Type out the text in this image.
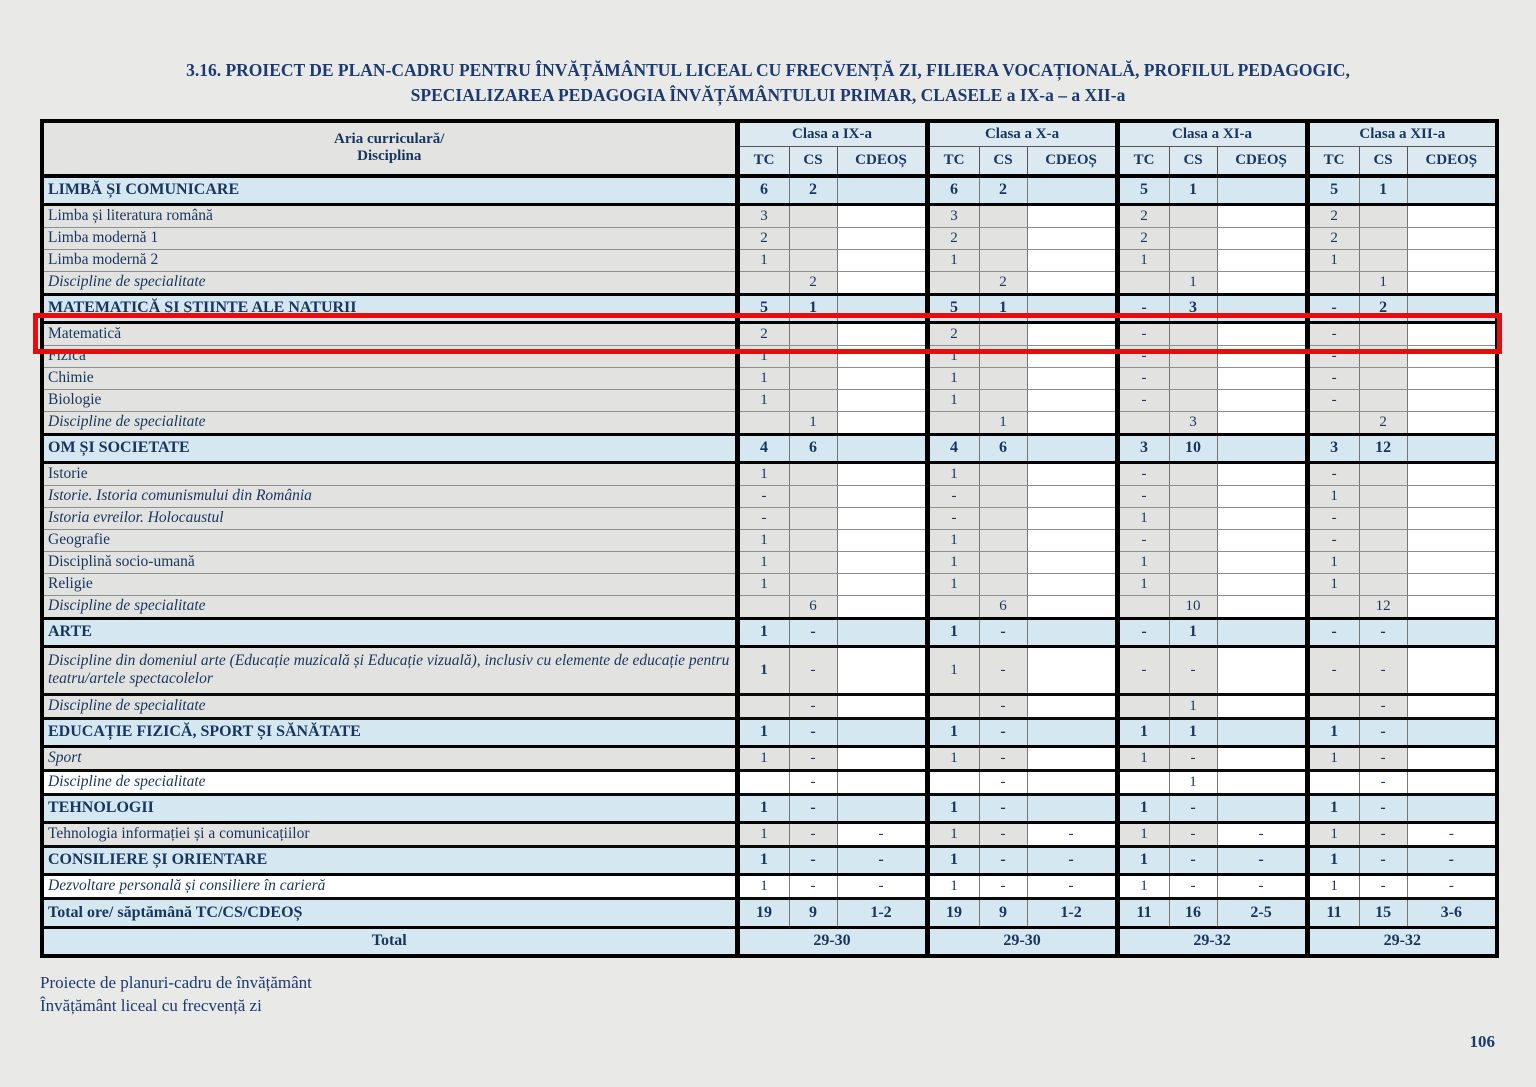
3.16. PROIECT DE PLAN-CADRU PENTRU ÎNVĂȚĂMÂNTUL LICEAL CU FRECVENȚĂ ZI, FILIERA VOCAȚIONALĂ, PROFILUL PEDAGOGIC,
SPECIALIZAREA PEDAGOGIA ÎNVĂȚĂMÂNTULUI PRIMAR, CLASELE a IX-a – a XII-a
Aria curriculară/
Disciplina	Clasa a IX-a			Clasa a X-a			Clasa a XI-a			Clasa a XII-a		
	TC	CS	CDEOȘ	TC	CS	CDEOȘ	TC	CS	CDEOȘ	TC	CS	CDEOȘ
LIMBĂ ȘI COMUNICARE	6	2		6	2		5	1		5	1	
Limba și literatura română	3			3			2			2		
Limba modernă 1	2			2			2			2		
Limba modernă 2	1			1			1			1		
Discipline de specialitate		2			2			1			1	
MATEMATICĂ ȘI ȘTIINȚE ALE NATURII	5	1		5	1		-	3		-	2	
Matematică	2			2			-			-		
Fizică	1			1			-			-		
Chimie	1			1			-			-		
Biologie	1			1			-			-		
Discipline de specialitate		1			1			3			2	
OM ȘI SOCIETATE	4	6		4	6		3	10		3	12	
Istorie	1			1			-			-		
Istorie. Istoria comunismului din România	-			-			-			1		
Istoria evreilor. Holocaustul	-			-			1			-		
Geografie	1			1			-			-		
Disciplină socio-umană	1			1			1			1		
Religie	1			1			1			1		
Discipline de specialitate		6			6			10			12	
ARTE	1	-		1	-		-	1		-	-	
Discipline din domeniul arte (Educație muzicală și Educație vizuală), inclusiv cu elemente de educație pentru teatru/artele spectacolelor	1	-		1	-		-	-		-	-	
Discipline de specialitate		-			-			1			-	
EDUCAȚIE FIZICĂ, SPORT ȘI SĂNĂTATE	1	-		1	-		1	1		1	-	
Sport	1	-		1	-		1	-		1	-	
Discipline de specialitate		-			-			1			-	
TEHNOLOGII	1	-		1	-		1	-		1	-	
Tehnologia informației și a comunicațiilor	1	-	-	1	-	-	1	-	-	1	-	-
CONSILIERE ȘI ORIENTARE	1	-	-	1	-	-	1	-	-	1	-	-
Dezvoltare personală și consiliere în carieră	1	-	-	1	-	-	1	-	-	1	-	-
Total ore/ săptămână TC/CS/CDEOȘ	19	9	1-2	19	9	1-2	11	16	2-5	11	15	3-6
Total	29-30			29-30			29-32			29-32		
Proiecte de planuri-cadru de învățământ
Învățământ liceal cu frecvență zi
106
